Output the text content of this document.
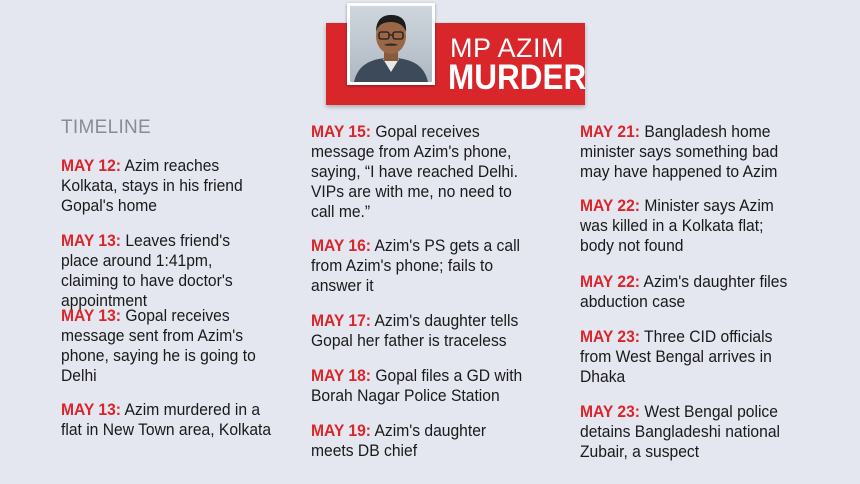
MP AZIM
MURDER
TIMELINE
MAY 12: Azim reaches Kolkata, stays in his friend Gopal's home
MAY 13: Leaves friend's place around 1:41pm, claiming to have doctor's appointment
MAY 13: Gopal receives message sent from Azim's phone, saying he is going to Delhi
MAY 13: Azim murdered in a flat in New Town area, Kolkata
MAY 15: Gopal receives message from Azim's phone, saying, “I have reached Delhi. VIPs are with me, no need to call me.”
MAY 16: Azim's PS gets a call from Azim's phone; fails to answer it
MAY 17: Azim's daughter tells Gopal her father is traceless
MAY 18: Gopal files a GD with Borah Nagar Police Station
MAY 19: Azim's daughter meets DB chief
MAY 21: Bangladesh home minister says something bad may have happened to Azim
MAY 22: Minister says Azim was killed in a Kolkata flat; body not found
MAY 22: Azim's daughter files abduction case
MAY 23: Three CID officials from West Bengal arrives in Dhaka
MAY 23: West Bengal police detains Bangladeshi national Zubair, a suspect
